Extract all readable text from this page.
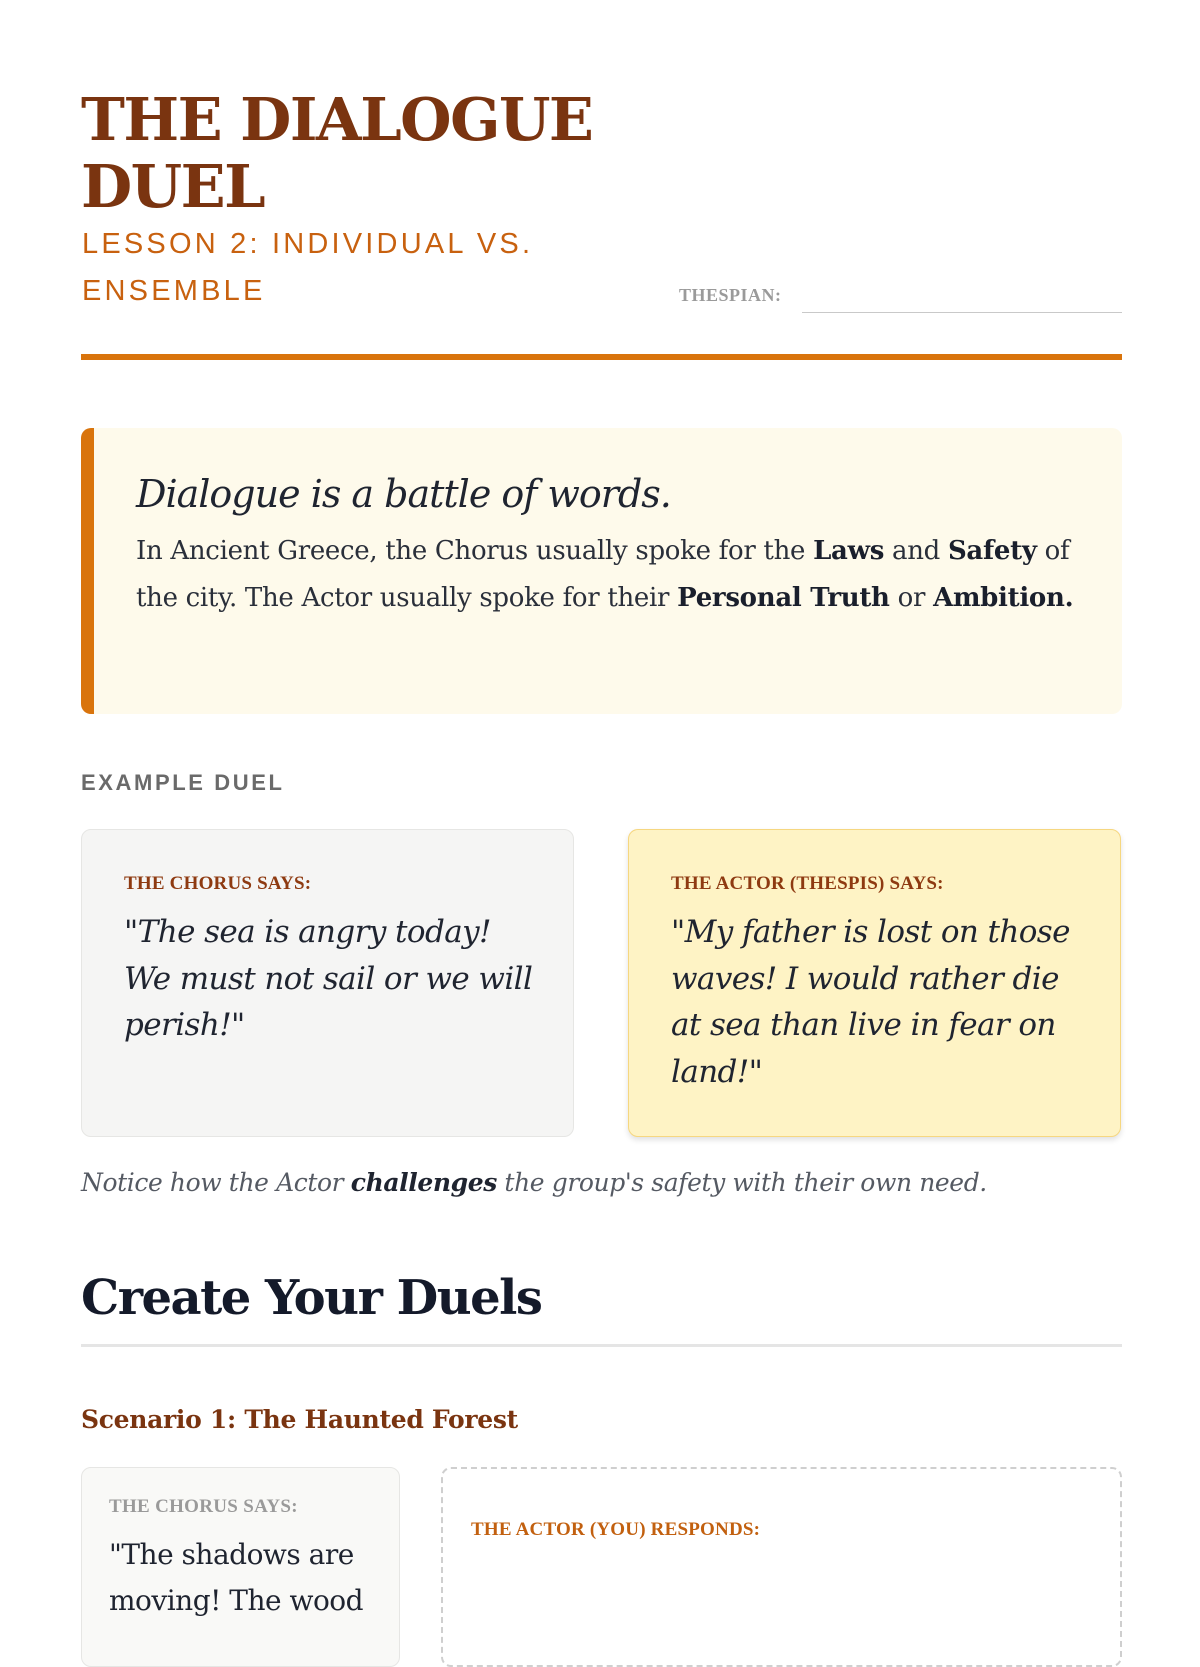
THE DIALOGUE DUEL
LESSON 2: INDIVIDUAL VS. ENSEMBLE	THESPIAN:

Dialogue is a battle of words.

In Ancient Greece, the Chorus usually spoke for the Laws and Safety of the city. The Actor usually spoke for their Personal Truth or Ambition.

EXAMPLE DUEL

THE CHORUS SAYS:

"The sea is angry today! We must not sail or we will perish!"

THE ACTOR (THESPIS) SAYS:

"My father is lost on those waves! I would rather die at sea than live in fear on land!"

Notice how the Actor challenges the group's safety with their own need.

Create Your Duels
Scenario 1: The Haunted Forest

THE CHORUS SAYS:

"The shadows are moving! The wood

THE ACTOR (YOU) RESPONDS:
